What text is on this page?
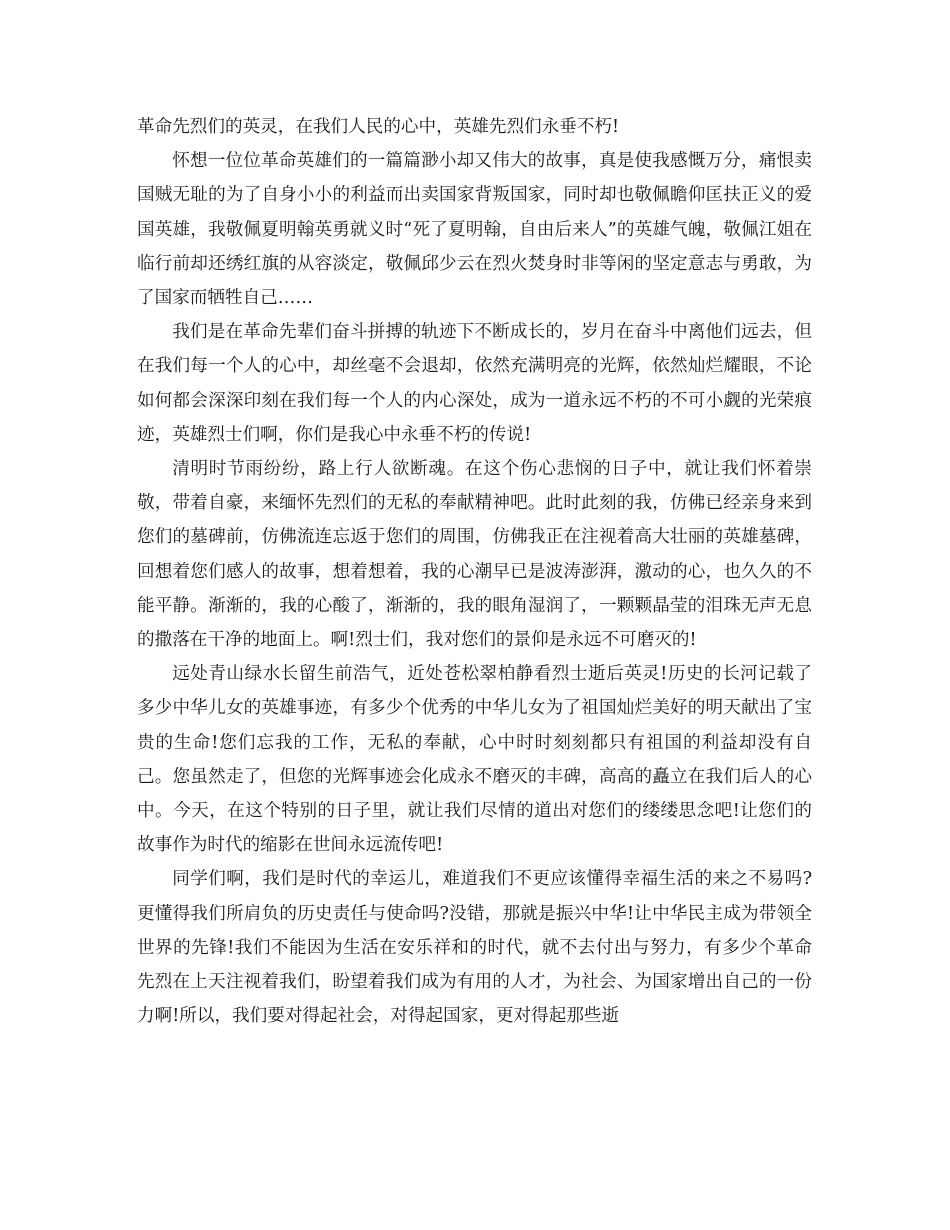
革命先烈们的英灵，在我们人民的心中，英雄先烈们永垂不朽!

怀想一位位革命英雄们的一篇篇渺小却又伟大的故事，真是使我感慨万分，痛恨卖国贼无耻的为了自身小小的利益而出卖国家背叛国家，同时却也敬佩瞻仰匡扶正义的爱国英雄，我敬佩夏明翰英勇就义时“死了夏明翰，自由后来人”的英雄气魄，敬佩江姐在临行前却还绣红旗的从容淡定，敬佩邱少云在烈火焚身时非等闲的坚定意志与勇敢，为了国家而牺牲自己……

我们是在革命先辈们奋斗拼搏的轨迹下不断成长的，岁月在奋斗中离他们远去，但在我们每一个人的心中，却丝毫不会退却，依然充满明亮的光辉，依然灿烂耀眼，不论如何都会深深印刻在我们每一个人的内心深处，成为一道永远不朽的不可小觑的光荣痕迹，英雄烈士们啊，你们是我心中永垂不朽的传说!

清明时节雨纷纷，路上行人欲断魂。在这个伤心悲悯的日子中，就让我们怀着崇敬，带着自豪，来缅怀先烈们的无私的奉献精神吧。此时此刻的我，仿佛已经亲身来到您们的墓碑前，仿佛流连忘返于您们的周围，仿佛我正在注视着高大壮丽的英雄墓碑，回想着您们感人的故事，想着想着，我的心潮早已是波涛澎湃，激动的心，也久久的不能平静。渐渐的，我的心酸了，渐渐的，我的眼角湿润了，一颗颗晶莹的泪珠无声无息的撒落在干净的地面上。啊!烈士们，我对您们的景仰是永远不可磨灭的!

远处青山绿水长留生前浩气，近处苍松翠柏静看烈士逝后英灵!历史的长河记载了多少中华儿女的英雄事迹，有多少个优秀的中华儿女为了祖国灿烂美好的明天献出了宝贵的生命!您们忘我的工作，无私的奉献，心中时时刻刻都只有祖国的利益却没有自己。您虽然走了，但您的光辉事迹会化成永不磨灭的丰碑，高高的矗立在我们后人的心中。今天，在这个特别的日子里，就让我们尽情的道出对您们的缕缕思念吧!让您们的故事作为时代的缩影在世间永远流传吧!

同学们啊，我们是时代的幸运儿，难道我们不更应该懂得幸福生活的来之不易吗?更懂得我们所肩负的历史责任与使命吗?没错，那就是振兴中华!让中华民主成为带领全世界的先锋!我们不能因为生活在安乐祥和的时代，就不去付出与努力，有多少个革命先烈在上天注视着我们，盼望着我们成为有用的人才，为社会、为国家增出自己的一份力啊!所以，我们要对得起社会，对得起国家，更对得起那些逝
